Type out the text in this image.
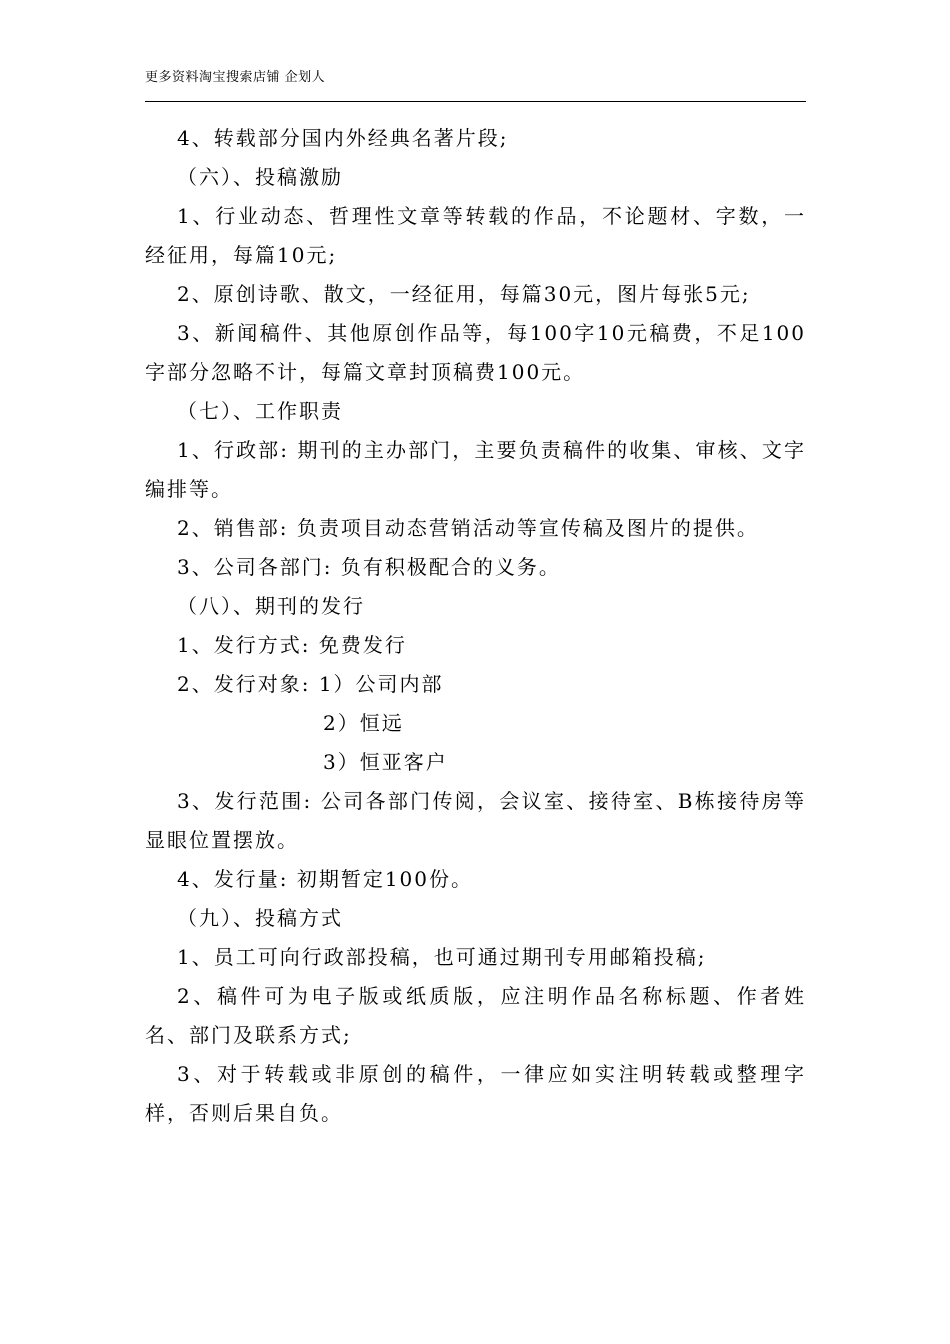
更多资料淘宝搜索店铺 企划人

4、转载部分国内外经典名著片段;

（六）、投稿激励

1、行业动态、哲理性文章等转载的作品，不论题材、字数，一经征用，每篇10元;

2、原创诗歌、散文，一经征用，每篇30元，图片每张5元;

3、新闻稿件、其他原创作品等，每100字10元稿费，不足100字部分忽略不计，每篇文章封顶稿费100元。

（七）、工作职责

1、行政部: 期刊的主办部门，主要负责稿件的收集、审核、文字编排等。

2、销售部: 负责项目动态营销活动等宣传稿及图片的提供。

3、公司各部门: 负有积极配合的义务。

（八）、期刊的发行

1、发行方式: 免费发行

2、发行对象: 1）公司内部

2）恒远

3）恒亚客户

3、发行范围: 公司各部门传阅，会议室、接待室、B栋接待房等显眼位置摆放。

4、发行量: 初期暂定100份。

（九）、投稿方式

1、员工可向行政部投稿，也可通过期刊专用邮箱投稿;

2、稿件可为电子版或纸质版，应注明作品名称标题、作者姓名、部门及联系方式;

3、对于转载或非原创的稿件，一律应如实注明转载或整理字样，否则后果自负。
